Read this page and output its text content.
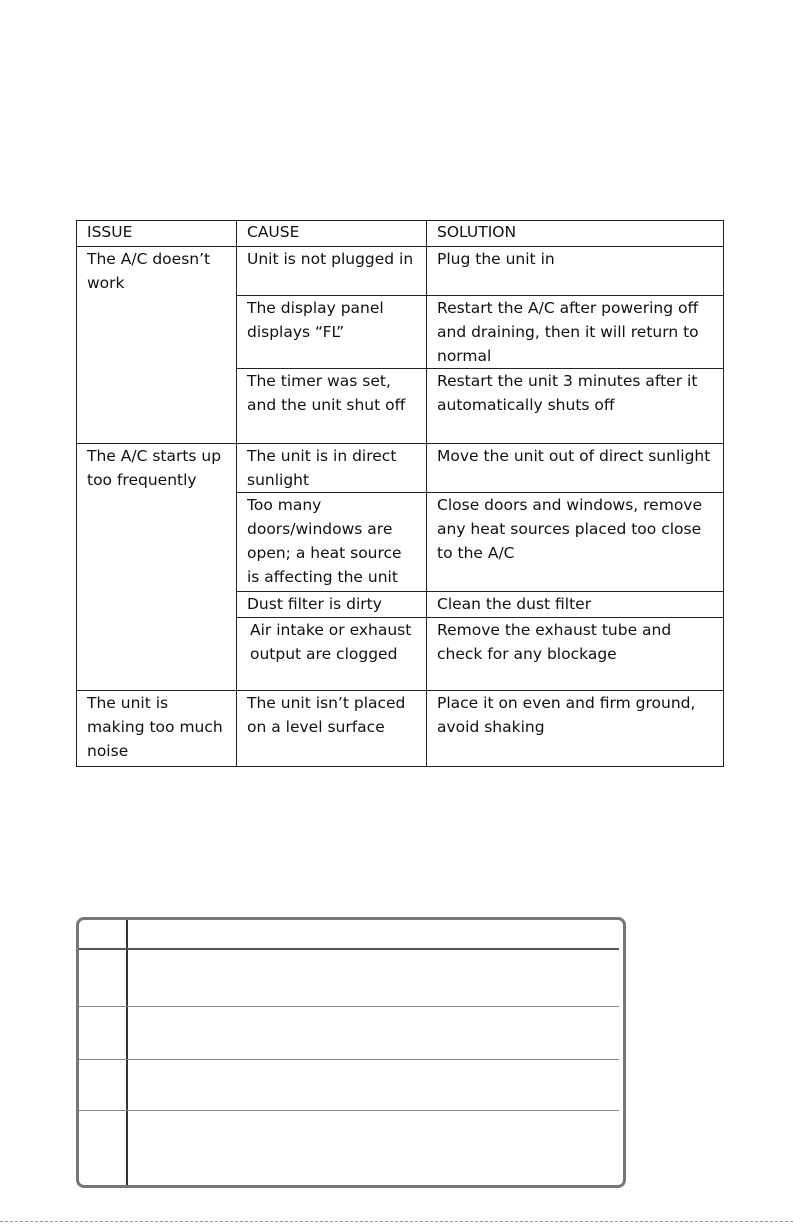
ISSUE	CAUSE	SOLUTION
The A/C doesn’t work	Unit is not plugged in	Plug the unit in
	The display panel displays “FL”	Restart the A/C after powering off and draining, then it will return to normal
	The timer was set, and the unit shut off	Restart the unit 3 minutes after it automatically shuts off
The A/C starts up too frequently	The unit is in direct sunlight	Move the unit out of direct sunlight
	Too many doors/windows are open; a heat source is affecting the unit	Close doors and windows, remove any heat sources placed too close to the A/C
	Dust filter is dirty	Clean the dust filter
	Air intake or exhaust output are clogged	Remove the exhaust tube and check for any blockage
The unit is making too much noise	The unit isn’t placed on a level surface	Place it on even and firm ground, avoid shaking
